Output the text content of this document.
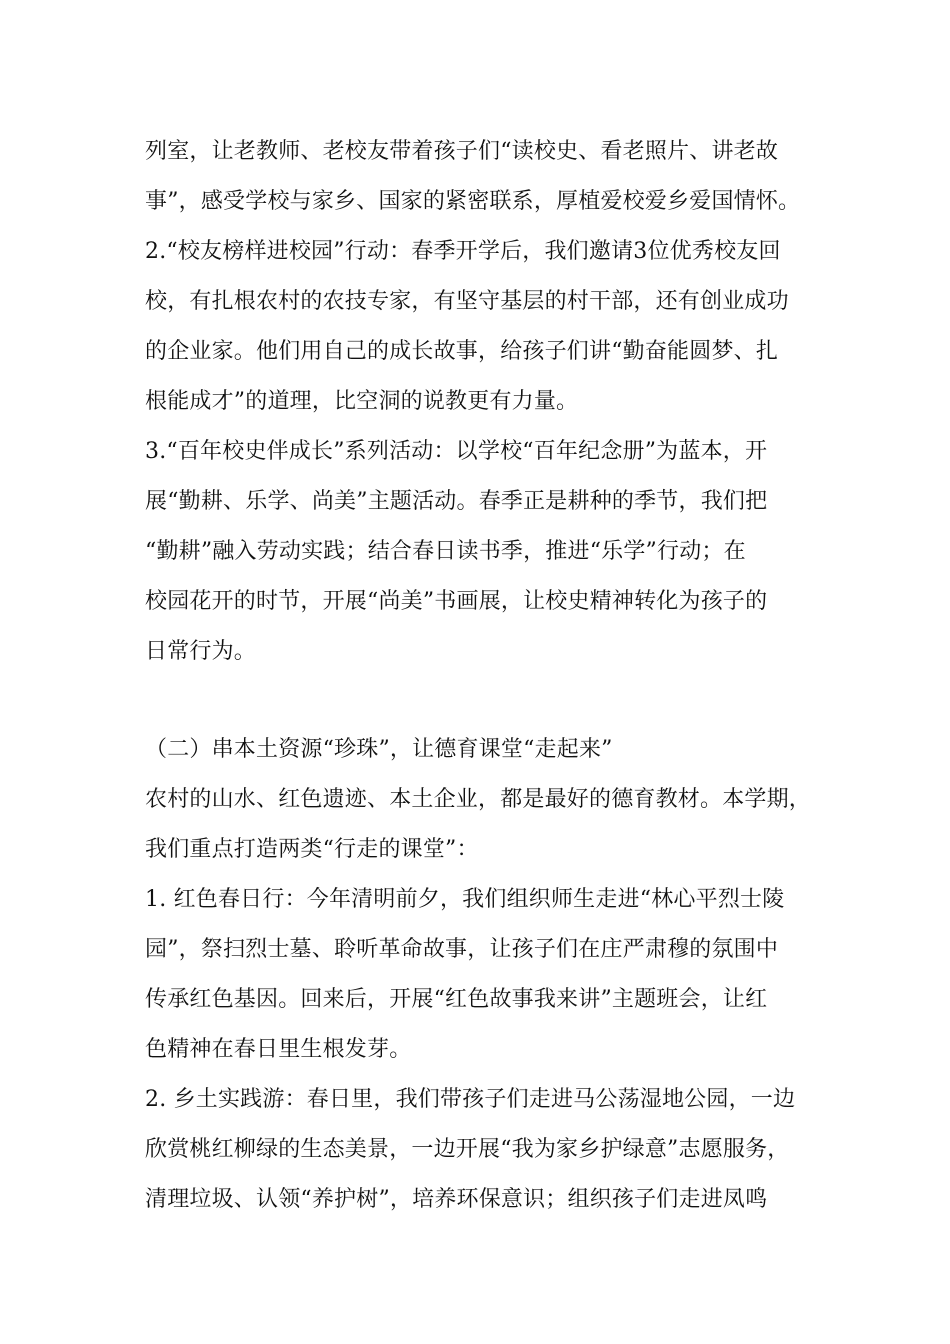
列室，让老教师、老校友带着孩子们“读校史、看老照片、讲老故
事”，感受学校与家乡、国家的紧密联系，厚植爱校爱乡爱国情怀。
2.“校友榜样进校园”行动：春季开学后，我们邀请3位优秀校友回
校，有扎根农村的农技专家，有坚守基层的村干部，还有创业成功
的企业家。他们用自己的成长故事，给孩子们讲“勤奋能圆梦、扎
根能成才”的道理，比空洞的说教更有力量。
3.“百年校史伴成长”系列活动：以学校“百年纪念册”为蓝本，开
展“勤耕、乐学、尚美”主题活动。春季正是耕种的季节，我们把
“勤耕”融入劳动实践；结合春日读书季，推进“乐学”行动；在
校园花开的时节，开展“尚美”书画展，让校史精神转化为孩子的
日常行为。
（二）串本土资源“珍珠”，让德育课堂“走起来”
农村的山水、红色遗迹、本土企业，都是最好的德育教材。本学期，
我们重点打造两类“行走的课堂”：
1. 红色春日行：今年清明前夕，我们组织师生走进“林心平烈士陵
园”，祭扫烈士墓、聆听革命故事，让孩子们在庄严肃穆的氛围中
传承红色基因。回来后，开展“红色故事我来讲”主题班会，让红
色精神在春日里生根发芽。
2. 乡土实践游：春日里，我们带孩子们走进马公荡湿地公园，一边
欣赏桃红柳绿的生态美景，一边开展“我为家乡护绿意”志愿服务，
清理垃圾、认领“养护树”，培养环保意识；组织孩子们走进凤鸣
